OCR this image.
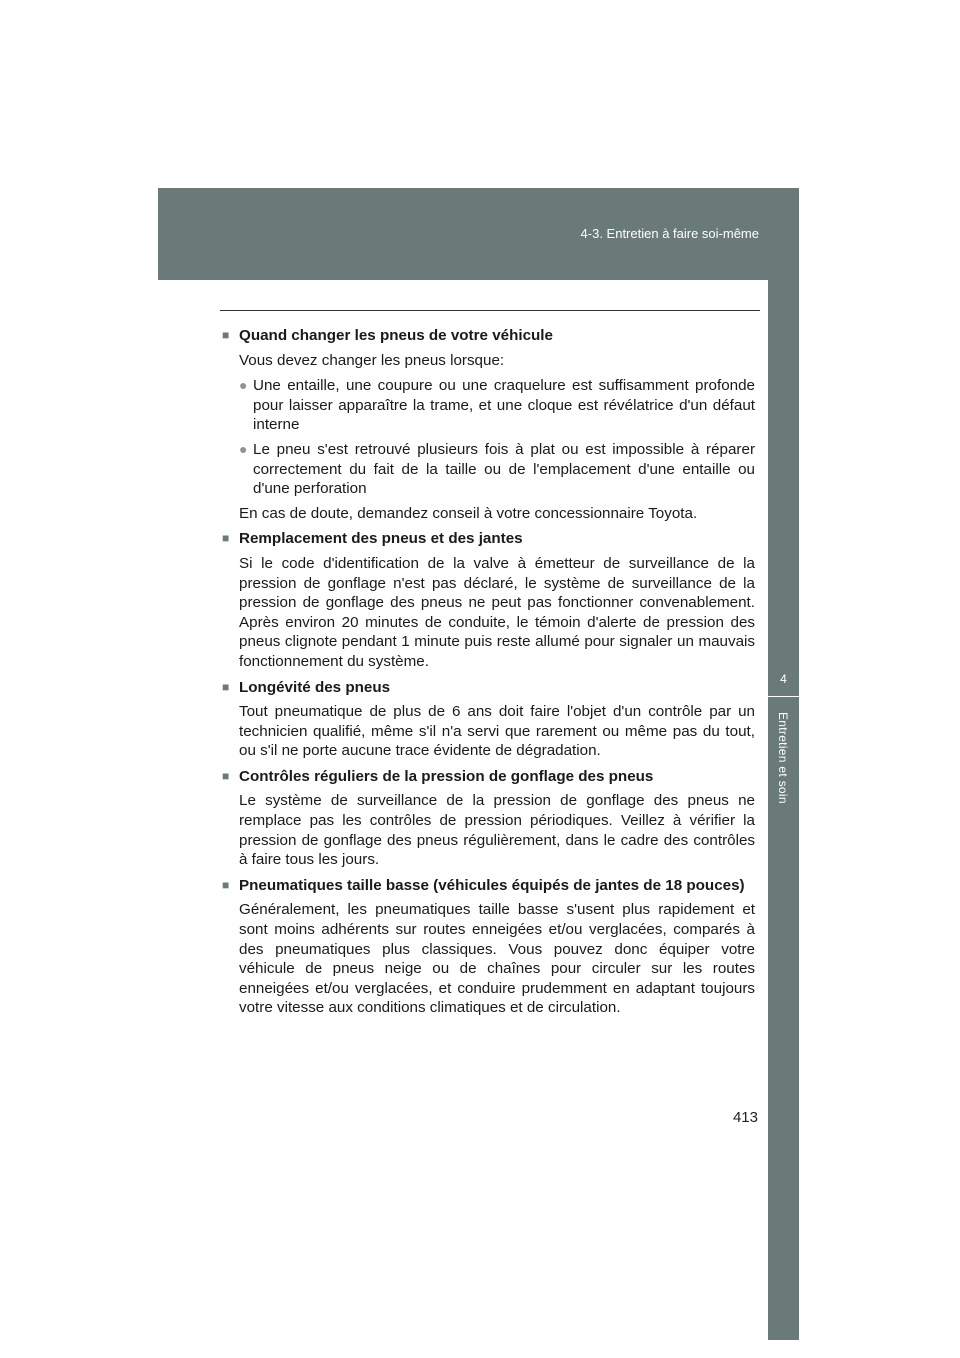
4-3. Entretien à faire soi-même
4
Entretien et soin
■ Quand changer les pneus de votre véhicule
Vous devez changer les pneus lorsque:
● Une entaille, une coupure ou une craquelure est suffisamment profonde pour laisser apparaître la trame, et une cloque est révélatrice d'un défaut interne
● Le pneu s'est retrouvé plusieurs fois à plat ou est impossible à réparer correctement du fait de la taille ou de l'emplacement d'une entaille ou d'une perforation
En cas de doute, demandez conseil à votre concessionnaire Toyota.
■ Remplacement des pneus et des jantes
Si le code d'identification de la valve à émetteur de surveillance de la pression de gonflage n'est pas déclaré, le système de surveillance de la pression de gonflage des pneus ne peut pas fonctionner convenablement. Après environ 20 minutes de conduite, le témoin d'alerte de pression des pneus clignote pendant 1 minute puis reste allumé pour signaler un mauvais fonctionnement du système.
■ Longévité des pneus
Tout pneumatique de plus de 6 ans doit faire l'objet d'un contrôle par un technicien qualifié, même s'il n'a servi que rarement ou même pas du tout, ou s'il ne porte aucune trace évidente de dégradation.
■ Contrôles réguliers de la pression de gonflage des pneus
Le système de surveillance de la pression de gonflage des pneus ne remplace pas les contrôles de pression périodiques. Veillez à vérifier la pression de gonflage des pneus régulièrement, dans le cadre des contrôles à faire tous les jours.
■ Pneumatiques taille basse (véhicules équipés de jantes de 18 pouces)
Généralement, les pneumatiques taille basse s'usent plus rapidement et sont moins adhérents sur routes enneigées et/ou verglacées, comparés à des pneumatiques plus classiques. Vous pouvez donc équiper votre véhicule de pneus neige ou de chaînes pour circuler sur les routes enneigées et/ou verglacées, et conduire prudemment en adaptant toujours votre vitesse aux conditions climatiques et de circulation.
413
